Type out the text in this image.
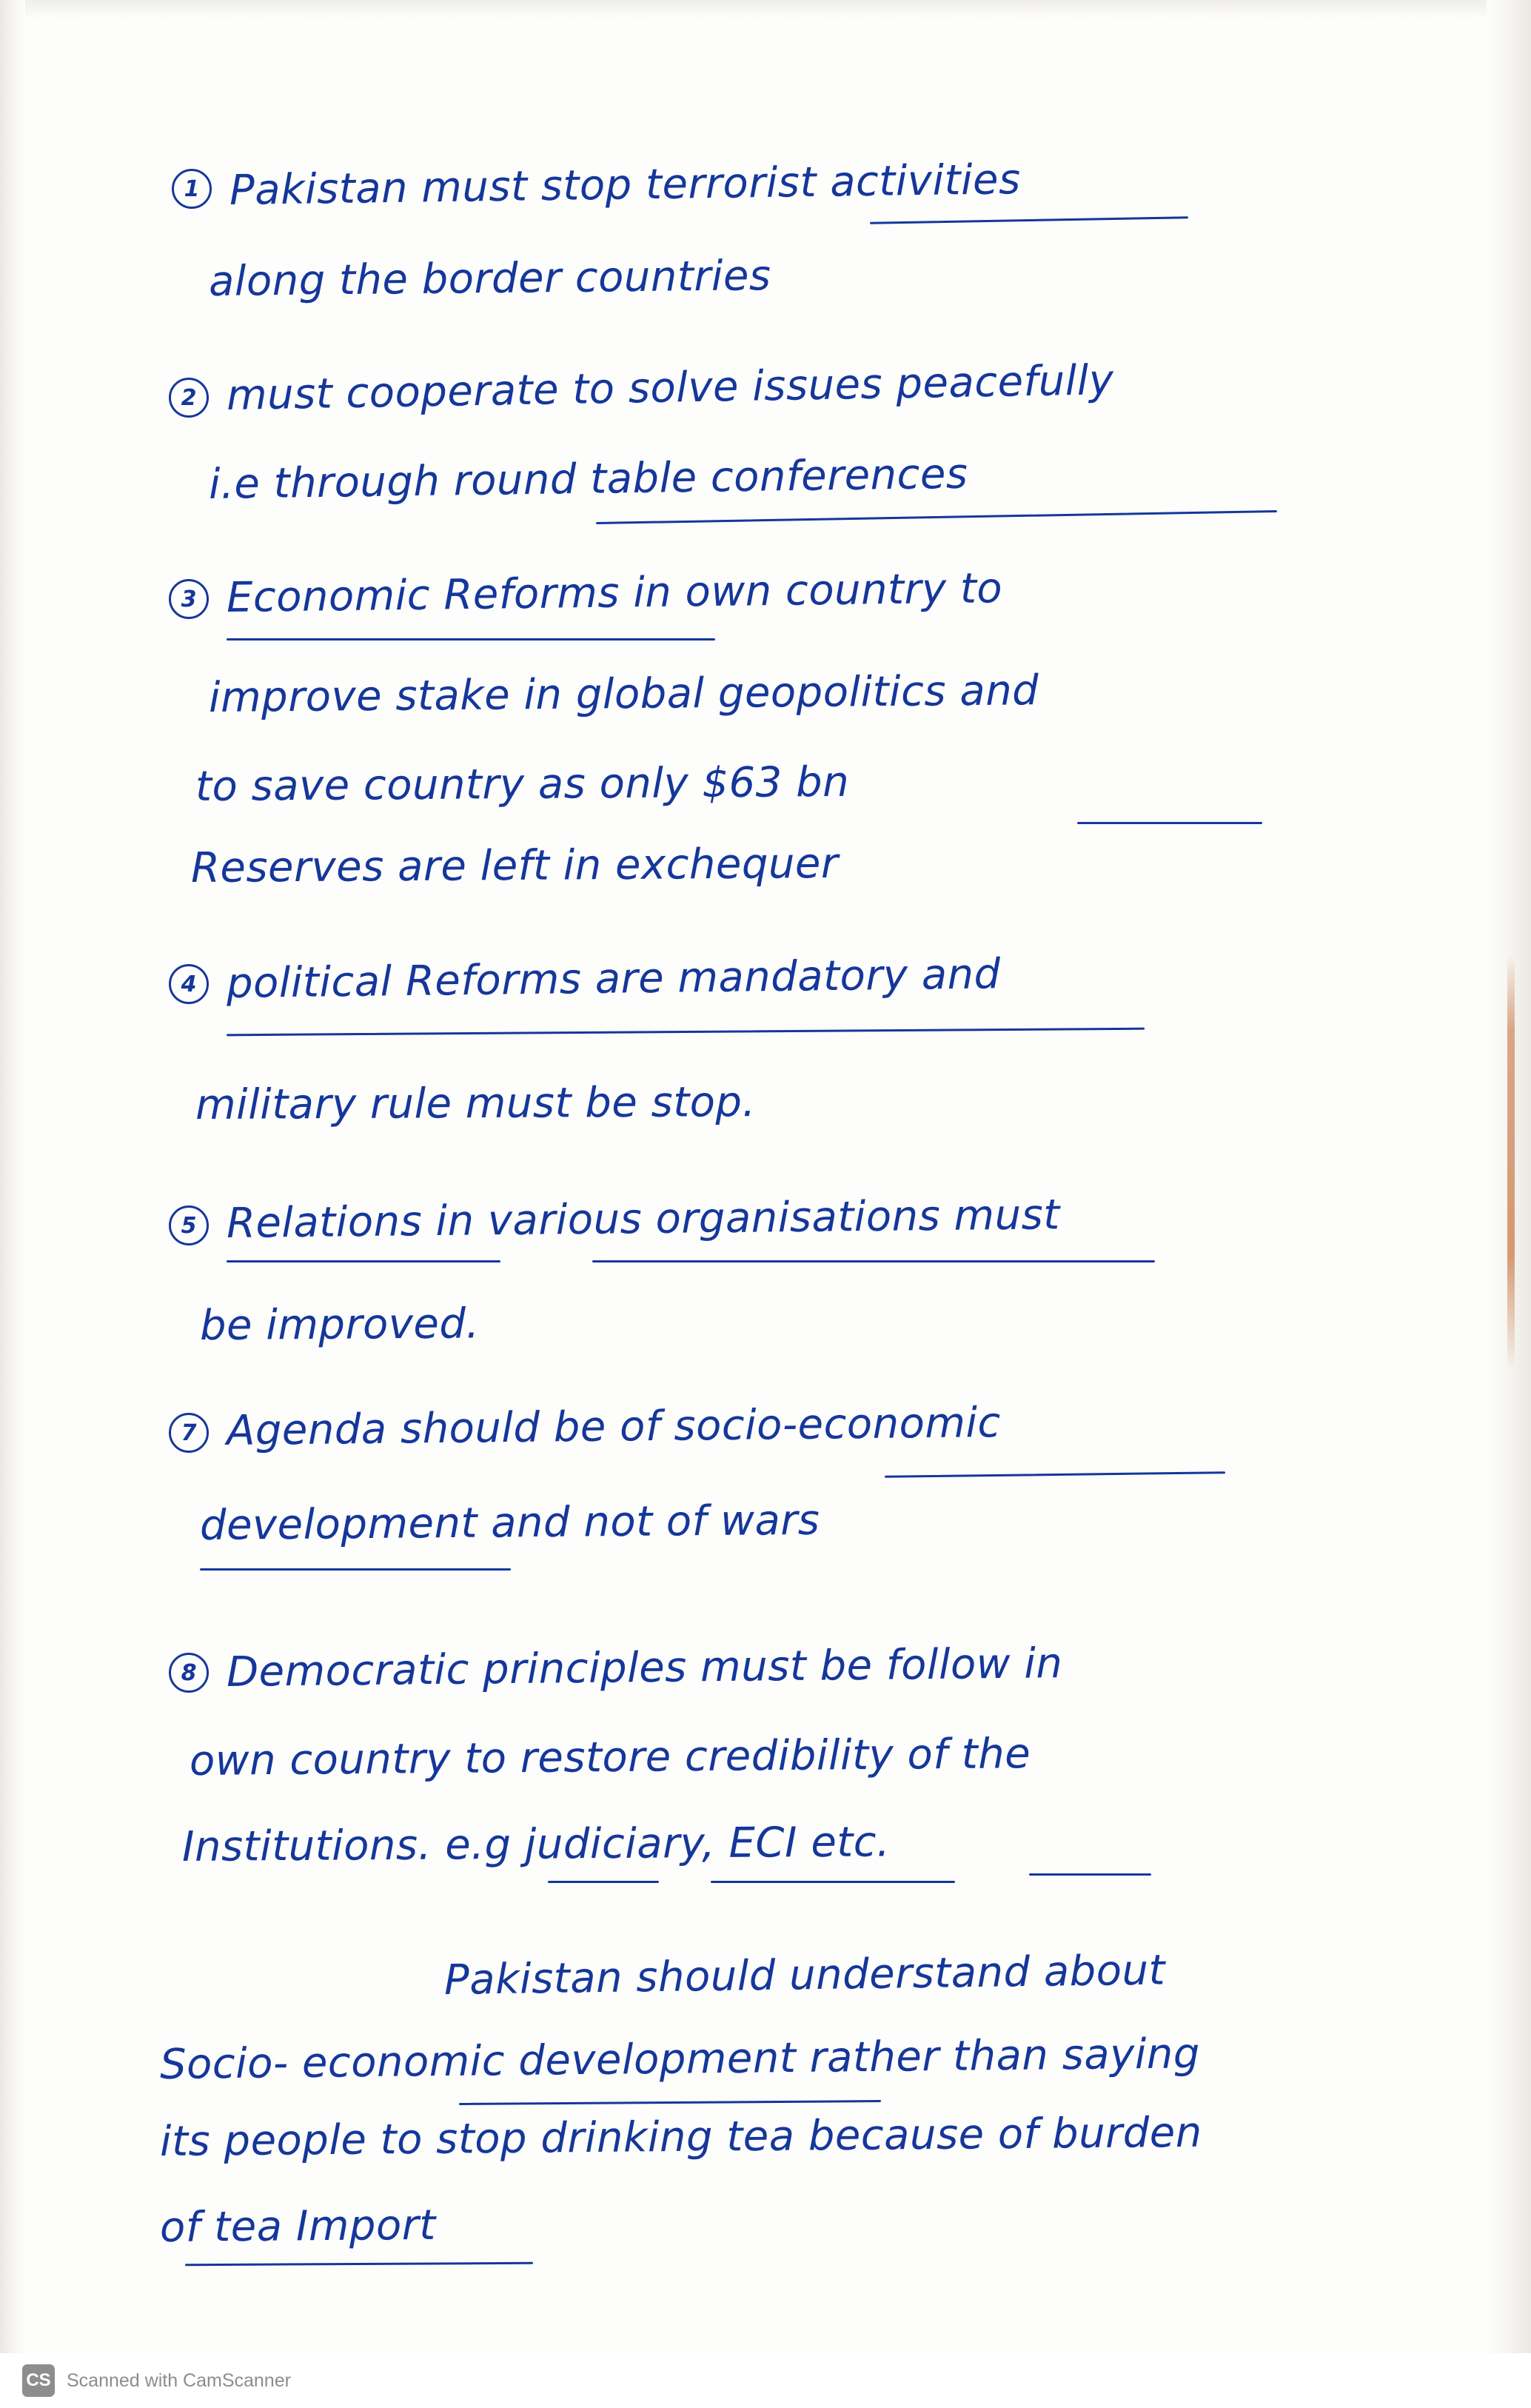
1 Pakistan must stop terrorist activities
along the border countries
2 must cooperate to solve issues peacefully
i.e through round table conferences
3 Economic Reforms in own country to
improve stake in global geopolitics and
to save country as only $63 bn
Reserves are left in exchequer
4 political Reforms are mandatory and
military rule must be stop.
5 Relations in various organisations must
be improved.
7 Agenda should be of socio-economic
development and not of wars
8 Democratic principles must be follow in
own country to restore credibility of the
Institutions. e.g judiciary, ECI etc.
Pakistan should understand about
Socio- economic development rather than saying
its people to stop drinking tea because of burden
of tea Import
CS Scanned with CamScanner
